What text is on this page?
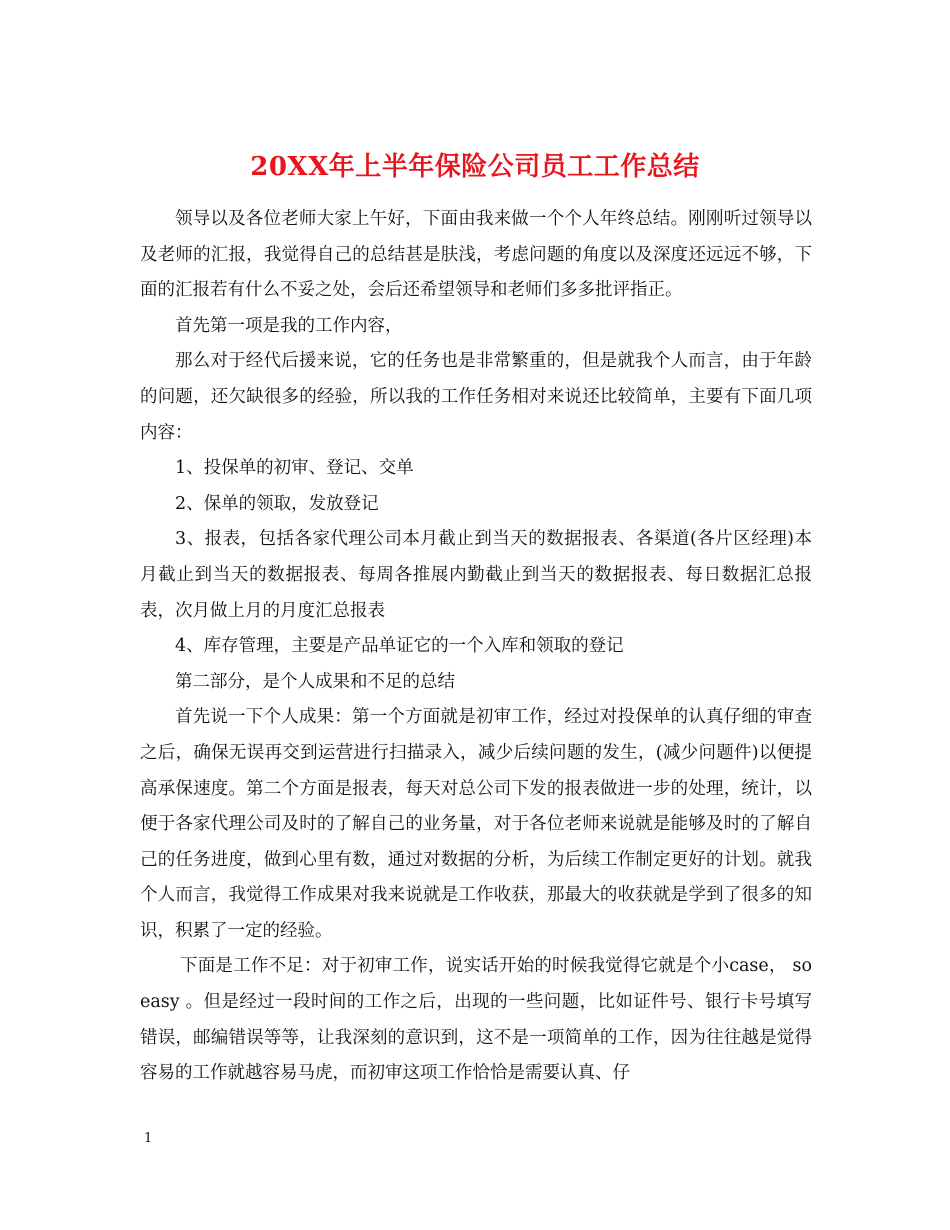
20XX年上半年保险公司员工工作总结

领导以及各位老师大家上午好，下面由我来做一个个人年终总结。刚刚听过领导以及老师的汇报，我觉得自己的总结甚是肤浅，考虑问题的角度以及深度还远远不够，下面的汇报若有什么不妥之处，会后还希望领导和老师们多多批评指正。

首先第一项是我的工作内容，

那么对于经代后援来说，它的任务也是非常繁重的，但是就我个人而言，由于年龄的问题，还欠缺很多的经验，所以我的工作任务相对来说还比较简单，主要有下面几项内容：

1、投保单的初审、登记、交单

2、保单的领取，发放登记

3、报表，包括各家代理公司本月截止到当天的数据报表、各渠道(各片区经理)本月截止到当天的数据报表、每周各推展内勤截止到当天的数据报表、每日数据汇总报表，次月做上月的月度汇总报表

4、库存管理，主要是产品单证它的一个入库和领取的登记

第二部分，是个人成果和不足的总结

首先说一下个人成果：第一个方面就是初审工作，经过对投保单的认真仔细的审查之后，确保无误再交到运营进行扫描录入，减少后续问题的发生，(减少问题件)以便提高承保速度。第二个方面是报表，每天对总公司下发的报表做进一步的处理，统计，以便于各家代理公司及时的了解自己的业务量，对于各位老师来说就是能够及时的了解自己的任务进度，做到心里有数，通过对数据的分析，为后续工作制定更好的计划。就我个人而言，我觉得工作成果对我来说就是工作收获，那最大的收获就是学到了很多的知识，积累了一定的经验。

下面是工作不足：对于初审工作，说实话开始的时候我觉得它就是个小case， so easy 。但是经过一段时间的工作之后，出现的一些问题，比如证件号、银行卡号填写错误，邮编错误等等，让我深刻的意识到，这不是一项简单的工作，因为往往越是觉得容易的工作就越容易马虎，而初审这项工作恰恰是需要认真、仔

1
